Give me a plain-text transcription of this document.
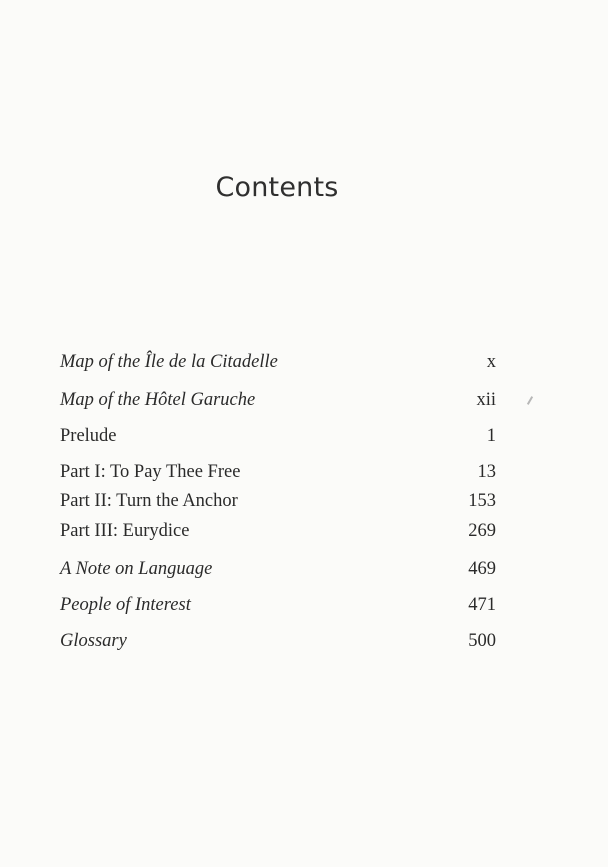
Contents
Map of the Île de la Citadelle	x
Map of the Hôtel Garuche	xii
Prelude	1
Part I: To Pay Thee Free	13
Part II: Turn the Anchor	153
Part III: Eurydice	269
A Note on Language	469
People of Interest	471
Glossary	500
